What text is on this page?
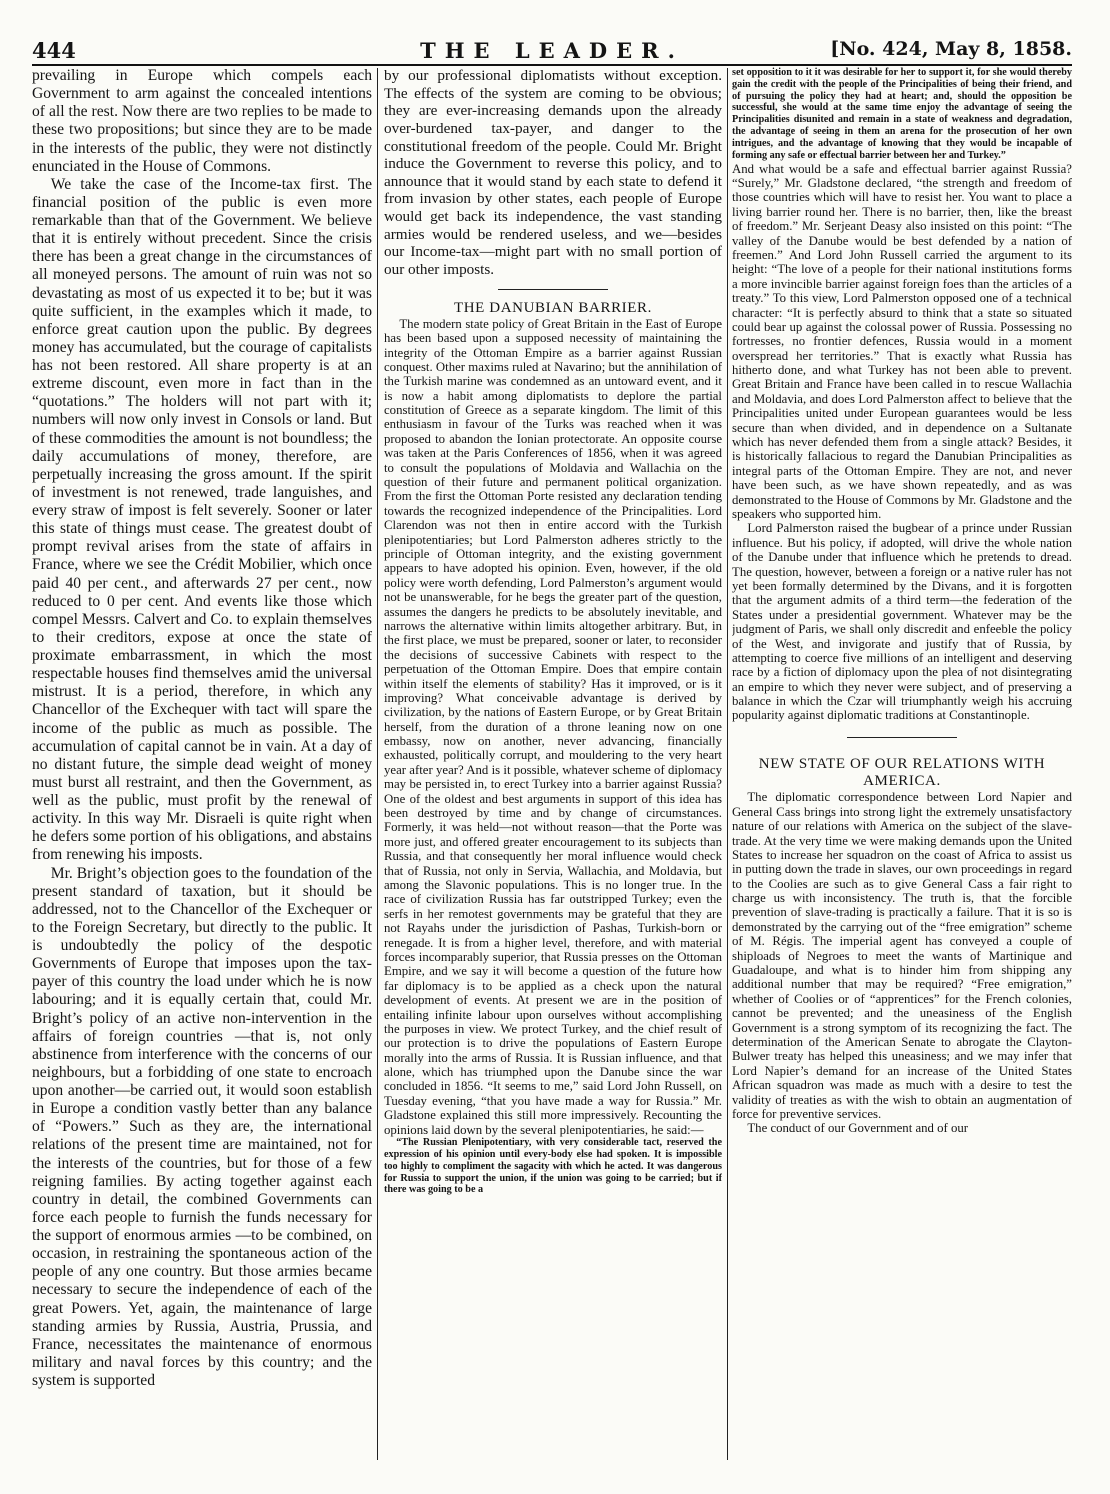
444	THE LEADER.	[No. 424, May 8, 1858.

prevailing in Europe which compels each Government to arm against the concealed intentions of all the rest. Now there are two replies to be made to these two propositions; but since they are to be made in the interests of the public, they were not distinctly enunciated in the House of Commons.

We take the case of the Income-tax first. The financial position of the public is even more remarkable than that of the Government. We believe that it is entirely without precedent. Since the crisis there has been a great change in the circumstances of all moneyed persons. The amount of ruin was not so devastating as most of us expected it to be; but it was quite sufficient, in the examples which it made, to enforce great caution upon the public. By degrees money has accumulated, but the courage of capitalists has not been restored. All share property is at an extreme discount, even more in fact than in the “quotations.” The holders will not part with it; numbers will now only invest in Consols or land. But of these commodities the amount is not boundless; the daily accumulations of money, therefore, are perpetually increasing the gross amount. If the spirit of investment is not renewed, trade languishes, and every straw of impost is felt severely. Sooner or later this state of things must cease. The greatest doubt of prompt revival arises from the state of affairs in France, where we see the Crédit Mobilier, which once paid 40 per cent., and afterwards 27 per cent., now reduced to 0 per cent. And events like those which compel Messrs. Calvert and Co. to explain themselves to their creditors, expose at once the state of proximate embarrassment, in which the most respectable houses find themselves amid the universal mistrust. It is a period, therefore, in which any Chancellor of the Exchequer with tact will spare the income of the public as much as possible. The accumulation of capital cannot be in vain. At a day of no distant future, the simple dead weight of money must burst all restraint, and then the Government, as well as the public, must profit by the renewal of activity. In this way Mr. Disraeli is quite right when he defers some portion of his obligations, and abstains from renewing his imposts.

Mr. Bright’s objection goes to the foundation of the present standard of taxation, but it should be addressed, not to the Chancellor of the Exchequer or to the Foreign Secretary, but directly to the public. It is undoubtedly the policy of the despotic Governments of Europe that imposes upon the tax-payer of this country the load under which he is now labouring; and it is equally certain that, could Mr. Bright’s policy of an active non-intervention in the affairs of foreign countries —that is, not only abstinence from interference with the concerns of our neighbours, but a forbidding of one state to encroach upon another—be carried out, it would soon establish in Europe a condition vastly better than any balance of “Powers.” Such as they are, the international relations of the present time are maintained, not for the interests of the countries, but for those of a few reigning families. By acting together against each country in detail, the combined Governments can force each people to furnish the funds necessary for the support of enormous armies —to be combined, on occasion, in restraining the spontaneous action of the people of any one country. But those armies became necessary to secure the independence of each of the great Powers. Yet, again, the maintenance of large standing armies by Russia, Austria, Prussia, and France, necessitates the maintenance of enormous military and naval forces by this country; and the system is supported

by our professional diplomatists without exception. The effects of the system are coming to be obvious; they are ever-increasing demands upon the already over-burdened tax-payer, and danger to the constitutional freedom of the people. Could Mr. Bright induce the Government to reverse this policy, and to announce that it would stand by each state to defend it from invasion by other states, each people of Europe would get back its independence, the vast standing armies would be rendered useless, and we—besides our Income-tax—might part with no small portion of our other imposts.

THE DANUBIAN BARRIER.

The modern state policy of Great Britain in the East of Europe has been based upon a supposed necessity of maintaining the integrity of the Ottoman Empire as a barrier against Russian conquest. Other maxims ruled at Navarino; but the annihilation of the Turkish marine was condemned as an untoward event, and it is now a habit among diplomatists to deplore the partial constitution of Greece as a separate kingdom. The limit of this enthusiasm in favour of the Turks was reached when it was proposed to abandon the Ionian protectorate. An opposite course was taken at the Paris Conferences of 1856, when it was agreed to consult the populations of Moldavia and Wallachia on the question of their future and permanent political organization. From the first the Ottoman Porte resisted any declaration tending towards the recognized independence of the Principalities. Lord Clarendon was not then in entire accord with the Turkish plenipotentiaries; but Lord Palmerston adheres strictly to the principle of Ottoman integrity, and the existing government appears to have adopted his opinion. Even, however, if the old policy were worth defending, Lord Palmerston’s argument would not be unanswerable, for he begs the greater part of the question, assumes the dangers he predicts to be absolutely inevitable, and narrows the alternative within limits altogether arbitrary. But, in the first place, we must be prepared, sooner or later, to reconsider the decisions of successive Cabinets with respect to the perpetuation of the Ottoman Empire. Does that empire contain within itself the elements of stability? Has it improved, or is it improving? What conceivable advantage is derived by civilization, by the nations of Eastern Europe, or by Great Britain herself, from the duration of a throne leaning now on one embassy, now on another, never advancing, financially exhausted, politically corrupt, and mouldering to the very heart year after year? And is it possible, whatever scheme of diplomacy may be persisted in, to erect Turkey into a barrier against Russia? One of the oldest and best arguments in support of this idea has been destroyed by time and by change of circumstances. Formerly, it was held—not without reason—that the Porte was more just, and offered greater encouragement to its subjects than Russia, and that consequently her moral influence would check that of Russia, not only in Servia, Wallachia, and Moldavia, but among the Slavonic populations. This is no longer true. In the race of civilization Russia has far outstripped Turkey; even the serfs in her remotest governments may be grateful that they are not Rayahs under the jurisdiction of Pashas, Turkish-born or renegade. It is from a higher level, therefore, and with material forces incomparably superior, that Russia presses on the Ottoman Empire, and we say it will become a question of the future how far diplomacy is to be applied as a check upon the natural development of events. At present we are in the position of entailing infinite labour upon ourselves without accomplishing the purposes in view. We protect Turkey, and the chief result of our protection is to drive the populations of Eastern Europe morally into the arms of Russia. It is Russian influence, and that alone, which has triumphed upon the Danube since the war concluded in 1856. “It seems to me,” said Lord John Russell, on Tuesday evening, “that you have made a way for Russia.” Mr. Gladstone explained this still more impressively. Recounting the opinions laid down by the several plenipotentiaries, he said:—

“The Russian Plenipotentiary, with very considerable tact, reserved the expression of his opinion until every-body else had spoken. It is impossible too highly to compliment the sagacity with which he acted. It was dangerous for Russia to support the union, if the union was going to be carried; but if there was going to be a

set opposition to it it was desirable for her to support it, for she would thereby gain the credit with the people of the Principalities of being their friend, and of pursuing the policy they had at heart; and, should the opposition be successful, she would at the same time enjoy the advantage of seeing the Principalities disunited and remain in a state of weakness and degradation, the advantage of seeing in them an arena for the prosecution of her own intrigues, and the advantage of knowing that they would be incapable of forming any safe or effectual barrier between her and Turkey.”

And what would be a safe and effectual barrier against Russia? “Surely,” Mr. Gladstone declared, “the strength and freedom of those countries which will have to resist her. You want to place a living barrier round her. There is no barrier, then, like the breast of freedom.” Mr. Serjeant Deasy also insisted on this point: “The valley of the Danube would be best defended by a nation of freemen.” And Lord John Russell carried the argument to its height: “The love of a people for their national institutions forms a more invincible barrier against foreign foes than the articles of a treaty.” To this view, Lord Palmerston opposed one of a technical character: “It is perfectly absurd to think that a state so situated could bear up against the colossal power of Russia. Possessing no fortresses, no frontier defences, Russia would in a moment overspread her territories.” That is exactly what Russia has hitherto done, and what Turkey has not been able to prevent. Great Britain and France have been called in to rescue Wallachia and Moldavia, and does Lord Palmerston affect to believe that the Principalities united under European guarantees would be less secure than when divided, and in dependence on a Sultanate which has never defended them from a single attack? Besides, it is historically fallacious to regard the Danubian Principalities as integral parts of the Ottoman Empire. They are not, and never have been such, as we have shown repeatedly, and as was demonstrated to the House of Commons by Mr. Gladstone and the speakers who supported him.

Lord Palmerston raised the bugbear of a prince under Russian influence. But his policy, if adopted, will drive the whole nation of the Danube under that influence which he pretends to dread. The question, however, between a foreign or a native ruler has not yet been formally determined by the Divans, and it is forgotten that the argument admits of a third term—the federation of the States under a presidential government. Whatever may be the judgment of Paris, we shall only discredit and enfeeble the policy of the West, and invigorate and justify that of Russia, by attempting to coerce five millions of an intelligent and deserving race by a fiction of diplomacy upon the plea of not disintegrating an empire to which they never were subject, and of preserving a balance in which the Czar will triumphantly weigh his accruing popularity against diplomatic traditions at Constantinople.

NEW STATE OF OUR RELATIONS WITH AMERICA.

The diplomatic correspondence between Lord Napier and General Cass brings into strong light the extremely unsatisfactory nature of our relations with America on the subject of the slave-trade. At the very time we were making demands upon the United States to increase her squadron on the coast of Africa to assist us in putting down the trade in slaves, our own proceedings in regard to the Coolies are such as to give General Cass a fair right to charge us with inconsistency. The truth is, that the forcible prevention of slave-trading is practically a failure. That it is so is demonstrated by the carrying out of the “free emigration” scheme of M. Régis. The imperial agent has conveyed a couple of shiploads of Negroes to meet the wants of Martinique and Guadaloupe, and what is to hinder him from shipping any additional number that may be required? “Free emigration,” whether of Coolies or of “apprentices” for the French colonies, cannot be prevented; and the uneasiness of the English Government is a strong symptom of its recognizing the fact. The determination of the American Senate to abrogate the Clayton-Bulwer treaty has helped this uneasiness; and we may infer that Lord Napier’s demand for an increase of the United States African squadron was made as much with a desire to test the validity of treaties as with the wish to obtain an augmentation of force for preventive services.

The conduct of our Government and of our
